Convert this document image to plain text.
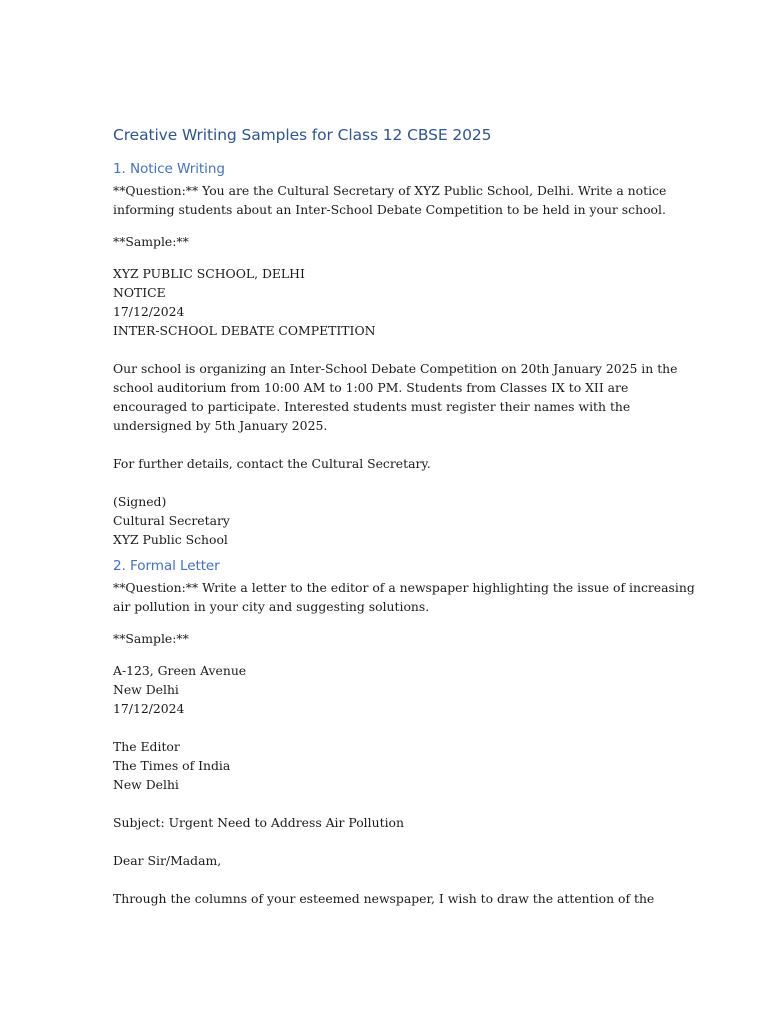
Creative Writing Samples for Class 12 CBSE 2025
1. Notice Writing

**Question:** You are the Cultural Secretary of XYZ Public School, Delhi. Write a notice
informing students about an Inter-School Debate Competition to be held in your school.

**Sample:**

XYZ PUBLIC SCHOOL, DELHI
NOTICE
17/12/2024
INTER-SCHOOL DEBATE COMPETITION
Our school is organizing an Inter-School Debate Competition on 20th January 2025 in the
school auditorium from 10:00 AM to 1:00 PM. Students from Classes IX to XII are
encouraged to participate. Interested students must register their names with the
undersigned by 5th January 2025.
For further details, contact the Cultural Secretary.
(Signed)
Cultural Secretary
XYZ Public School
2. Formal Letter

**Question:** Write a letter to the editor of a newspaper highlighting the issue of increasing
air pollution in your city and suggesting solutions.

**Sample:**

A-123, Green Avenue
New Delhi
17/12/2024
The Editor
The Times of India
New Delhi
Subject: Urgent Need to Address Air Pollution
Dear Sir/Madam,
Through the columns of your esteemed newspaper, I wish to draw the attention of the
